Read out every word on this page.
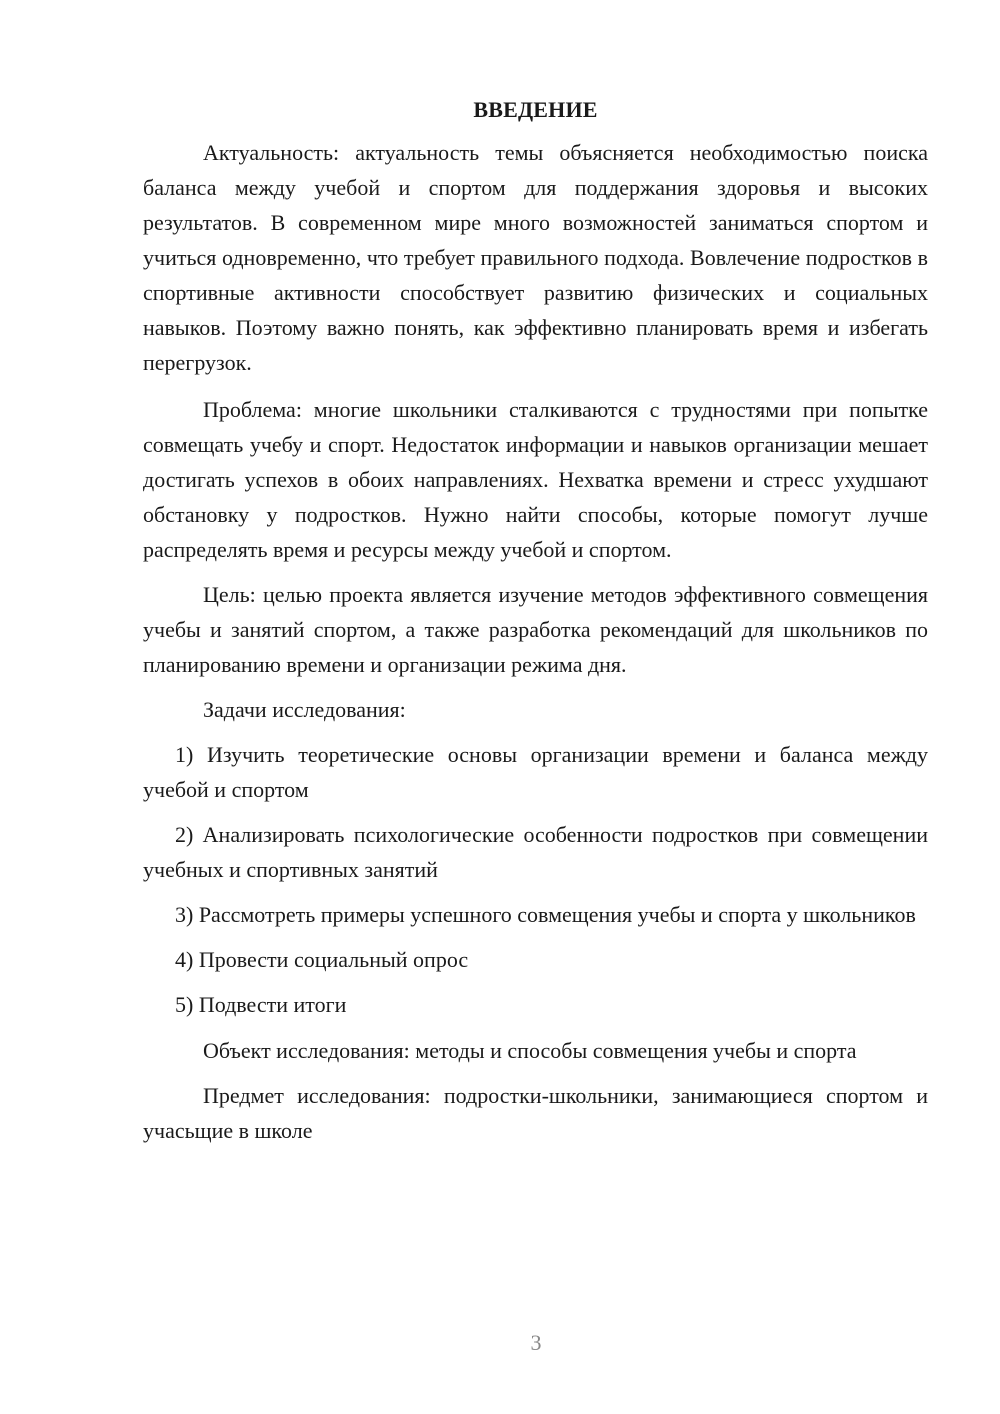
ВВЕДЕНИЕ

Актуальность: актуальность темы объясняется необходимостью поиска баланса между учебой и спортом для поддержания здоровья и высоких результатов. В современном мире много возможностей заниматься спортом и учиться одновременно, что требует правильного подхода. Вовлечение подростков в спортивные активности способствует развитию физических и социальных навыков. Поэтому важно понять, как эффективно планировать время и избегать перегрузок.

Проблема: многие школьники сталкиваются с трудностями при попытке совмещать учебу и спорт. Недостаток информации и навыков организации мешает достигать успехов в обоих направлениях. Нехватка времени и стресс ухудшают обстановку у подростков. Нужно найти способы, которые помогут лучше распределять время и ресурсы между учебой и спортом.

Цель: целью проекта является изучение методов эффективного совмещения учебы и занятий спортом, а также разработка рекомендаций для школьников по планированию времени и организации режима дня.

Задачи исследования:

1) Изучить теоретические основы организации времени и баланса между учебой и спортом

2) Анализировать психологические особенности подростков при совмещении учебных и спортивных занятий

3) Рассмотреть примеры успешного совмещения учебы и спорта у школьников

4) Провести социальный опрос

5) Подвести итоги

Объект исследования: методы и способы совмещения учебы и спорта

Предмет исследования: подростки-школьники, занимающиеся спортом и учасьщие в школе

3
